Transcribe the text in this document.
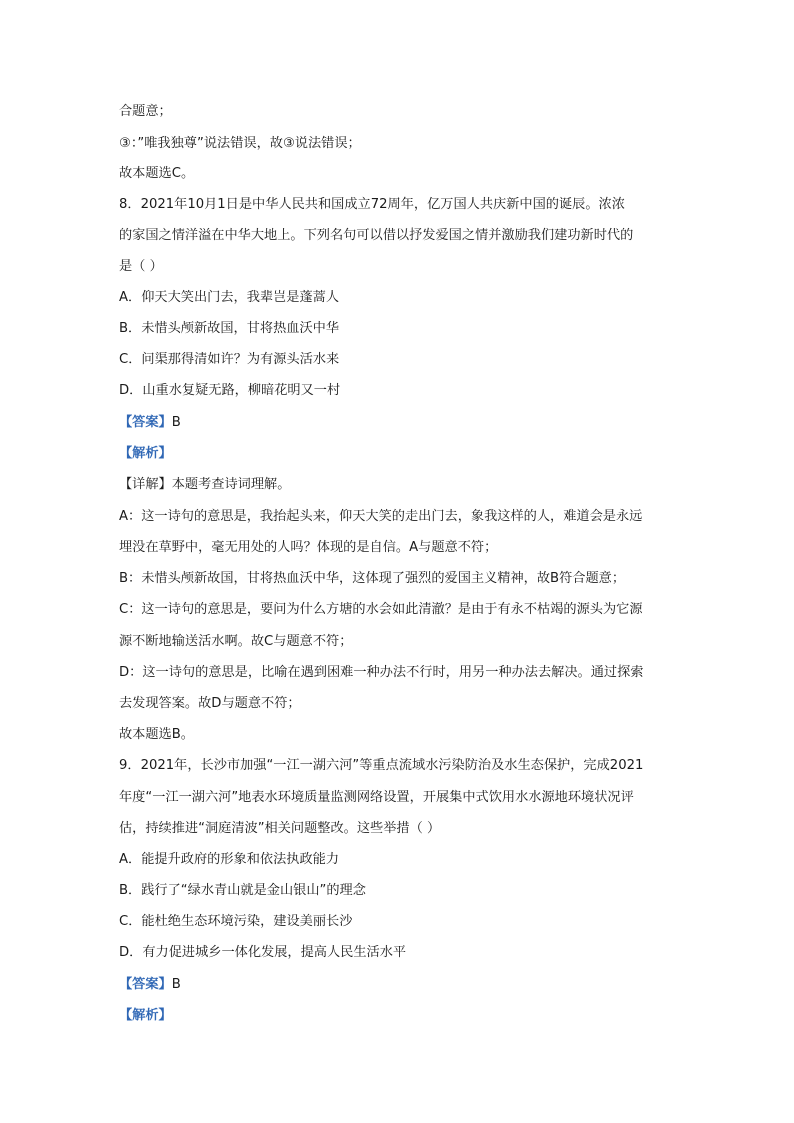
合题意；
③：”唯我独尊”说法错误，故③说法错误；
故本题选C。
8．2021年10月1日是中华人民共和国成立72周年，亿万国人共庆新中国的诞辰。浓浓
的家国之情洋溢在中华大地上。下列名句可以借以抒发爱国之情并激励我们建功新时代的
是（ ）
A．仰天大笑出门去，我辈岂是蓬蒿人
B．未惜头颅新故国，甘将热血沃中华
C．问渠那得清如许？为有源头活水来
D．山重水复疑无路，柳暗花明又一村
【答案】B
【解析】
【详解】本题考查诗词理解。
A：这一诗句的意思是，我抬起头来，仰天大笑的走出门去，象我这样的人，难道会是永远
埋没在草野中，毫无用处的人吗？体现的是自信。A与题意不符；
B：未惜头颅新故国，甘将热血沃中华，这体现了强烈的爱国主义精神，故B符合题意；
C：这一诗句的意思是，要问为什么方塘的水会如此清澈？是由于有永不枯竭的源头为它源
源不断地输送活水啊。故C与题意不符；
D：这一诗句的意思是，比喻在遇到困难一种办法不行时，用另一种办法去解决。通过探索
去发现答案。故D与题意不符；
故本题选B。
9．2021年，长沙市加强“一江一湖六河”等重点流域水污染防治及水生态保护，完成2021
年度“一江一湖六河”地表水环境质量监测网络设置，开展集中式饮用水水源地环境状况评
估，持续推进“洞庭清波”相关问题整改。这些举措（ ）
A．能提升政府的形象和依法执政能力
B．践行了“绿水青山就是金山银山”的理念
C．能杜绝生态环境污染，建设美丽长沙
D．有力促进城乡一体化发展，提高人民生活水平
【答案】B
【解析】
